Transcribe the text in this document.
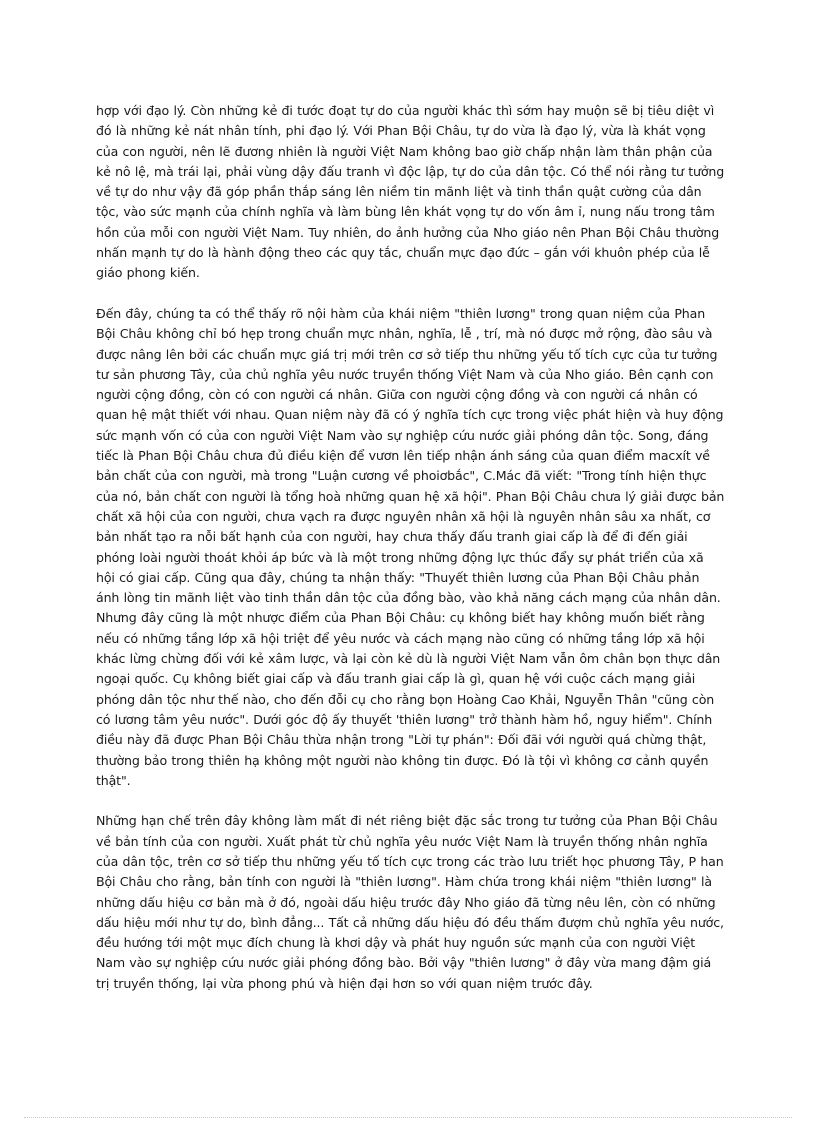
hợp với đạo lý. Còn những kẻ đi tước đoạt tự do của người khác thì sớm hay muộn sẽ bị tiêu diệt vì đó là những kẻ nát nhân tính, phi đạo lý. Với Phan Bội Châu, tự do vừa là đạo lý, vừa là khát vọng của con người, nên lẽ đương nhiên là người Việt Nam không bao giờ chấp nhận làm thân phận của kẻ nô lệ, mà trái lại, phải vùng dậy đấu tranh vì độc lập, tự do của dân tộc. Có thể nói rằng tư tưởng về tự do như vậy đã góp phần thắp sáng lên niềm tin mãnh liệt và tinh thần quật cường của dân tộc, vào sức mạnh của chính nghĩa và làm bùng lên khát vọng tự do vốn âm ỉ, nung nấu trong tâm hồn của mỗi con người Việt Nam. Tuy nhiên, do ảnh hưởng của Nho giáo nên Phan Bội Châu thường nhấn mạnh tự do là hành động theo các quy tắc, chuẩn mực đạo đức – gắn với khuôn phép của lễ giáo phong kiến.

Đến đây, chúng ta có thể thấy rõ nội hàm của khái niệm "thiên lương" trong quan niệm của Phan Bội Châu không chỉ bó hẹp trong chuẩn mực nhân, nghĩa, lễ , trí, mà nó được mở rộng, đào sâu và được nâng lên bởi các chuẩn mực giá trị mới trên cơ sở tiếp thu những yếu tố tích cực của tư tưởng tư sản phương Tây, của chủ nghĩa yêu nước truyền thống Việt Nam và của Nho giáo. Bên cạnh con người cộng đồng, còn có con người cá nhân. Giữa con người cộng đồng và con người cá nhân có quan hệ mật thiết với nhau. Quan niệm này đã có ý nghĩa tích cực trong việc phát hiện và huy động sức mạnh vốn có của con người Việt Nam vào sự nghiệp cứu nước giải phóng dân tộc. Song, đáng tiếc là Phan Bội Châu chưa đủ điều kiện để vươn lên tiếp nhận ánh sáng của quan điểm macxít về bản chất của con người, mà trong "Luận cương về phoiơbắc", C.Mác đã viết: "Trong tính hiện thực của nó, bản chất con người là tổng hoà những quan hệ xã hội". Phan Bội Châu chưa lý giải được bản chất xã hội của con người, chưa vạch ra được nguyên nhân xã hội là nguyên nhân sâu xa nhất, cơ bản nhất tạo ra nỗi bất hạnh của con người, hay chưa thấy đấu tranh giai cấp là để đi đến giải phóng loài người thoát khỏi áp bức và là một trong những động lực thúc đẩy sự phát triển của xã hội có giai cấp. Cũng qua đây, chúng ta nhận thấy: "Thuyết thiên lương của Phan Bội Châu phản ánh lòng tin mãnh liệt vào tinh thần dân tộc của đồng bào, vào khả năng cách mạng của nhân dân. Nhưng đây cũng là một nhược điểm của Phan Bội Châu: cụ không biết hay không muốn biết rằng nếu có những tầng lớp xã hội triệt để yêu nước và cách mạng nào cũng có những tầng lớp xã hội khác lừng chừng đối với kẻ xâm lược, và lại còn kẻ dù là người Việt Nam vẫn ôm chân bọn thực dân ngoại quốc. Cụ không biết giai cấp và đấu tranh giai cấp là gì, quan hệ với cuộc cách mạng giải phóng dân tộc như thế nào, cho đến đỗi cụ cho rằng bọn Hoàng Cao Khải, Nguyễn Thân "cũng còn có lương tâm yêu nước". Dưới góc độ ấy thuyết 'thiên lương" trở thành hàm hồ, nguy hiểm". Chính điều này đã được Phan Bội Châu thừa nhận trong "Lời tự phán": Đối đãi với người quá chừng thật, thường bảo trong thiên hạ không một người nào không tin được. Đó là tội vì không cơ cảnh quyền thật".

Những hạn chế trên đây không làm mất đi nét riêng biệt đặc sắc trong tư tưởng của Phan Bội Châu về bản tính của con người. Xuất phát từ chủ nghĩa yêu nước Việt Nam là truyền thống nhân nghĩa của dân tộc, trên cơ sở tiếp thu những yếu tố tích cực trong các trào lưu triết học phương Tây, P han Bội Châu cho rằng, bản tính con người là "thiên lương". Hàm chứa trong khái niệm "thiên lương" là những dấu hiệu cơ bản mà ở đó, ngoài dấu hiệu trước đây Nho giáo đã từng nêu lên, còn có những dấu hiệu mới như tự do, bình đẳng... Tất cả những dấu hiệu đó đều thấm đượm chủ nghĩa yêu nước, đều hướng tới một mục đích chung là khơi dậy và phát huy nguồn sức mạnh của con người Việt Nam vào sự nghiệp cứu nước giải phóng đồng bào. Bởi vậy "thiên lương" ở đây vừa mang đậm giá trị truyền thống, lại vừa phong phú và hiện đại hơn so với quan niệm trước đây.
